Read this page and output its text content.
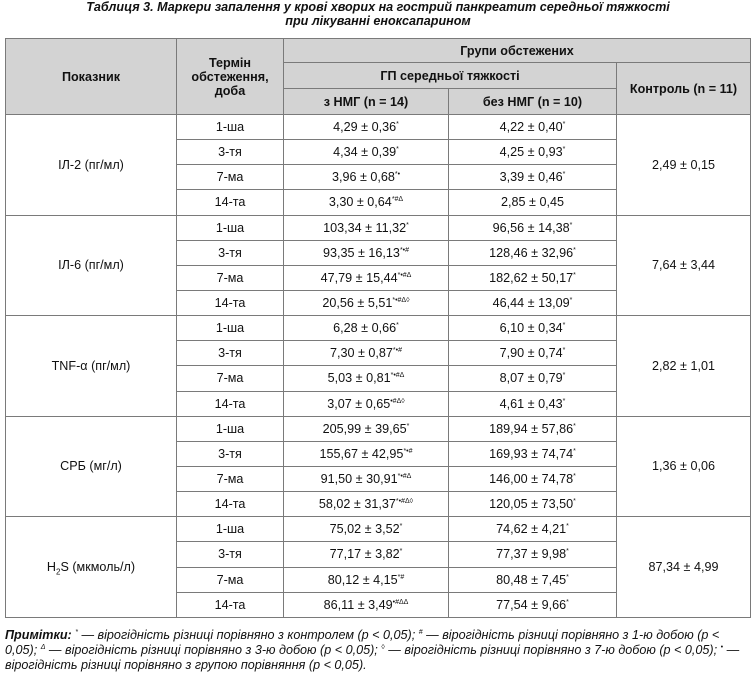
Таблиця 3. Маркери запалення у крові хворих на гострий панкреатит середньої тяжкості
при лікуванні еноксапарином
Показник	Термін обстеження, доба	Групи обстежених		
		ГП середньої тяжкості		Контроль (n = 11)
		з НМГ (n = 14)	без НМГ (n = 10)	
ІЛ-2 (пг/мл)	1-ша	4,29 ± 0,36*	4,22 ± 0,40*	2,49 ± 0,15
	3-тя	4,34 ± 0,39*	4,25 ± 0,93*
	7-ма	3,96 ± 0,68*•	3,39 ± 0,46*
	14-та	$3,30 \pm 0,64^{*\#\Delta}$	2,85 ± 0,45	
ІЛ-6 (пг/мл)	1-ша	103,34 ± 11,32*	96,56 ± 14,38*	7,64 ± 3,44
	3-тя	93,35 ± 16,13*•#	128,46 ± 32,96*
	7-ма	$47,79 \pm 15,44^{*•\#\Delta}$	182,62 ± 50,17*
	14-та	$20,56 \pm 5,51^{*•\#\Delta◊}$	46,44 ± 13,09*
TNF-α (пг/мл)	1-ша	6,28 ± 0,66*	6,10 ± 0,34*	2,82 ± 1,01
	3-тя	7,30 ± 0,87*•#	7,90 ± 0,74*
	7-ма	$5,03 \pm 0,81^{*•\#\Delta}$	8,07 ± 0,79*
	14-та	$3,07 \pm 0,65^{•\#\Delta◊}$	4,61 ± 0,43*
СРБ (мг/л)	1-ша	205,99 ± 39,65*	189,94 ± 57,86*	1,36 ± 0,06
	3-тя	155,67 ± 42,95*•#	169,93 ± 74,74*
	7-ма	$91,50 \pm 30,91^{*•\#\Delta}$	146,00 ± 74,78*
	14-та	$58,02 \pm 31,37^{*•\#\Delta◊}$	120,05 ± 73,50*
$H_2S$ (мкмоль/л)	1-ша	75,02 ± 3,52*	74,62 ± 4,21*	87,34 ± 4,99
	3-тя	77,17 ± 3,82*	77,37 ± 9,98*
	7-ма	80,12 ± 4,15*#	80,48 ± 7,45*
	14-та	$86,11 \pm 3,49^{•\#\Delta\Delta}$	77,54 ± 9,66*
Примітки: * — вірогідність різниці порівняно з контролем (p < 0,05); # — вірогідність різниці порівняно з 1-ю добою (p < 0,05); $^\Delta$ — вірогідність різниці порівняно з 3-ю добою (p < 0,05); ◊ — вірогідність різниці порівняно з 7-ю добою (p < 0,05); • — вірогідність різниці порівняно з групою порівняння (p < 0,05).
